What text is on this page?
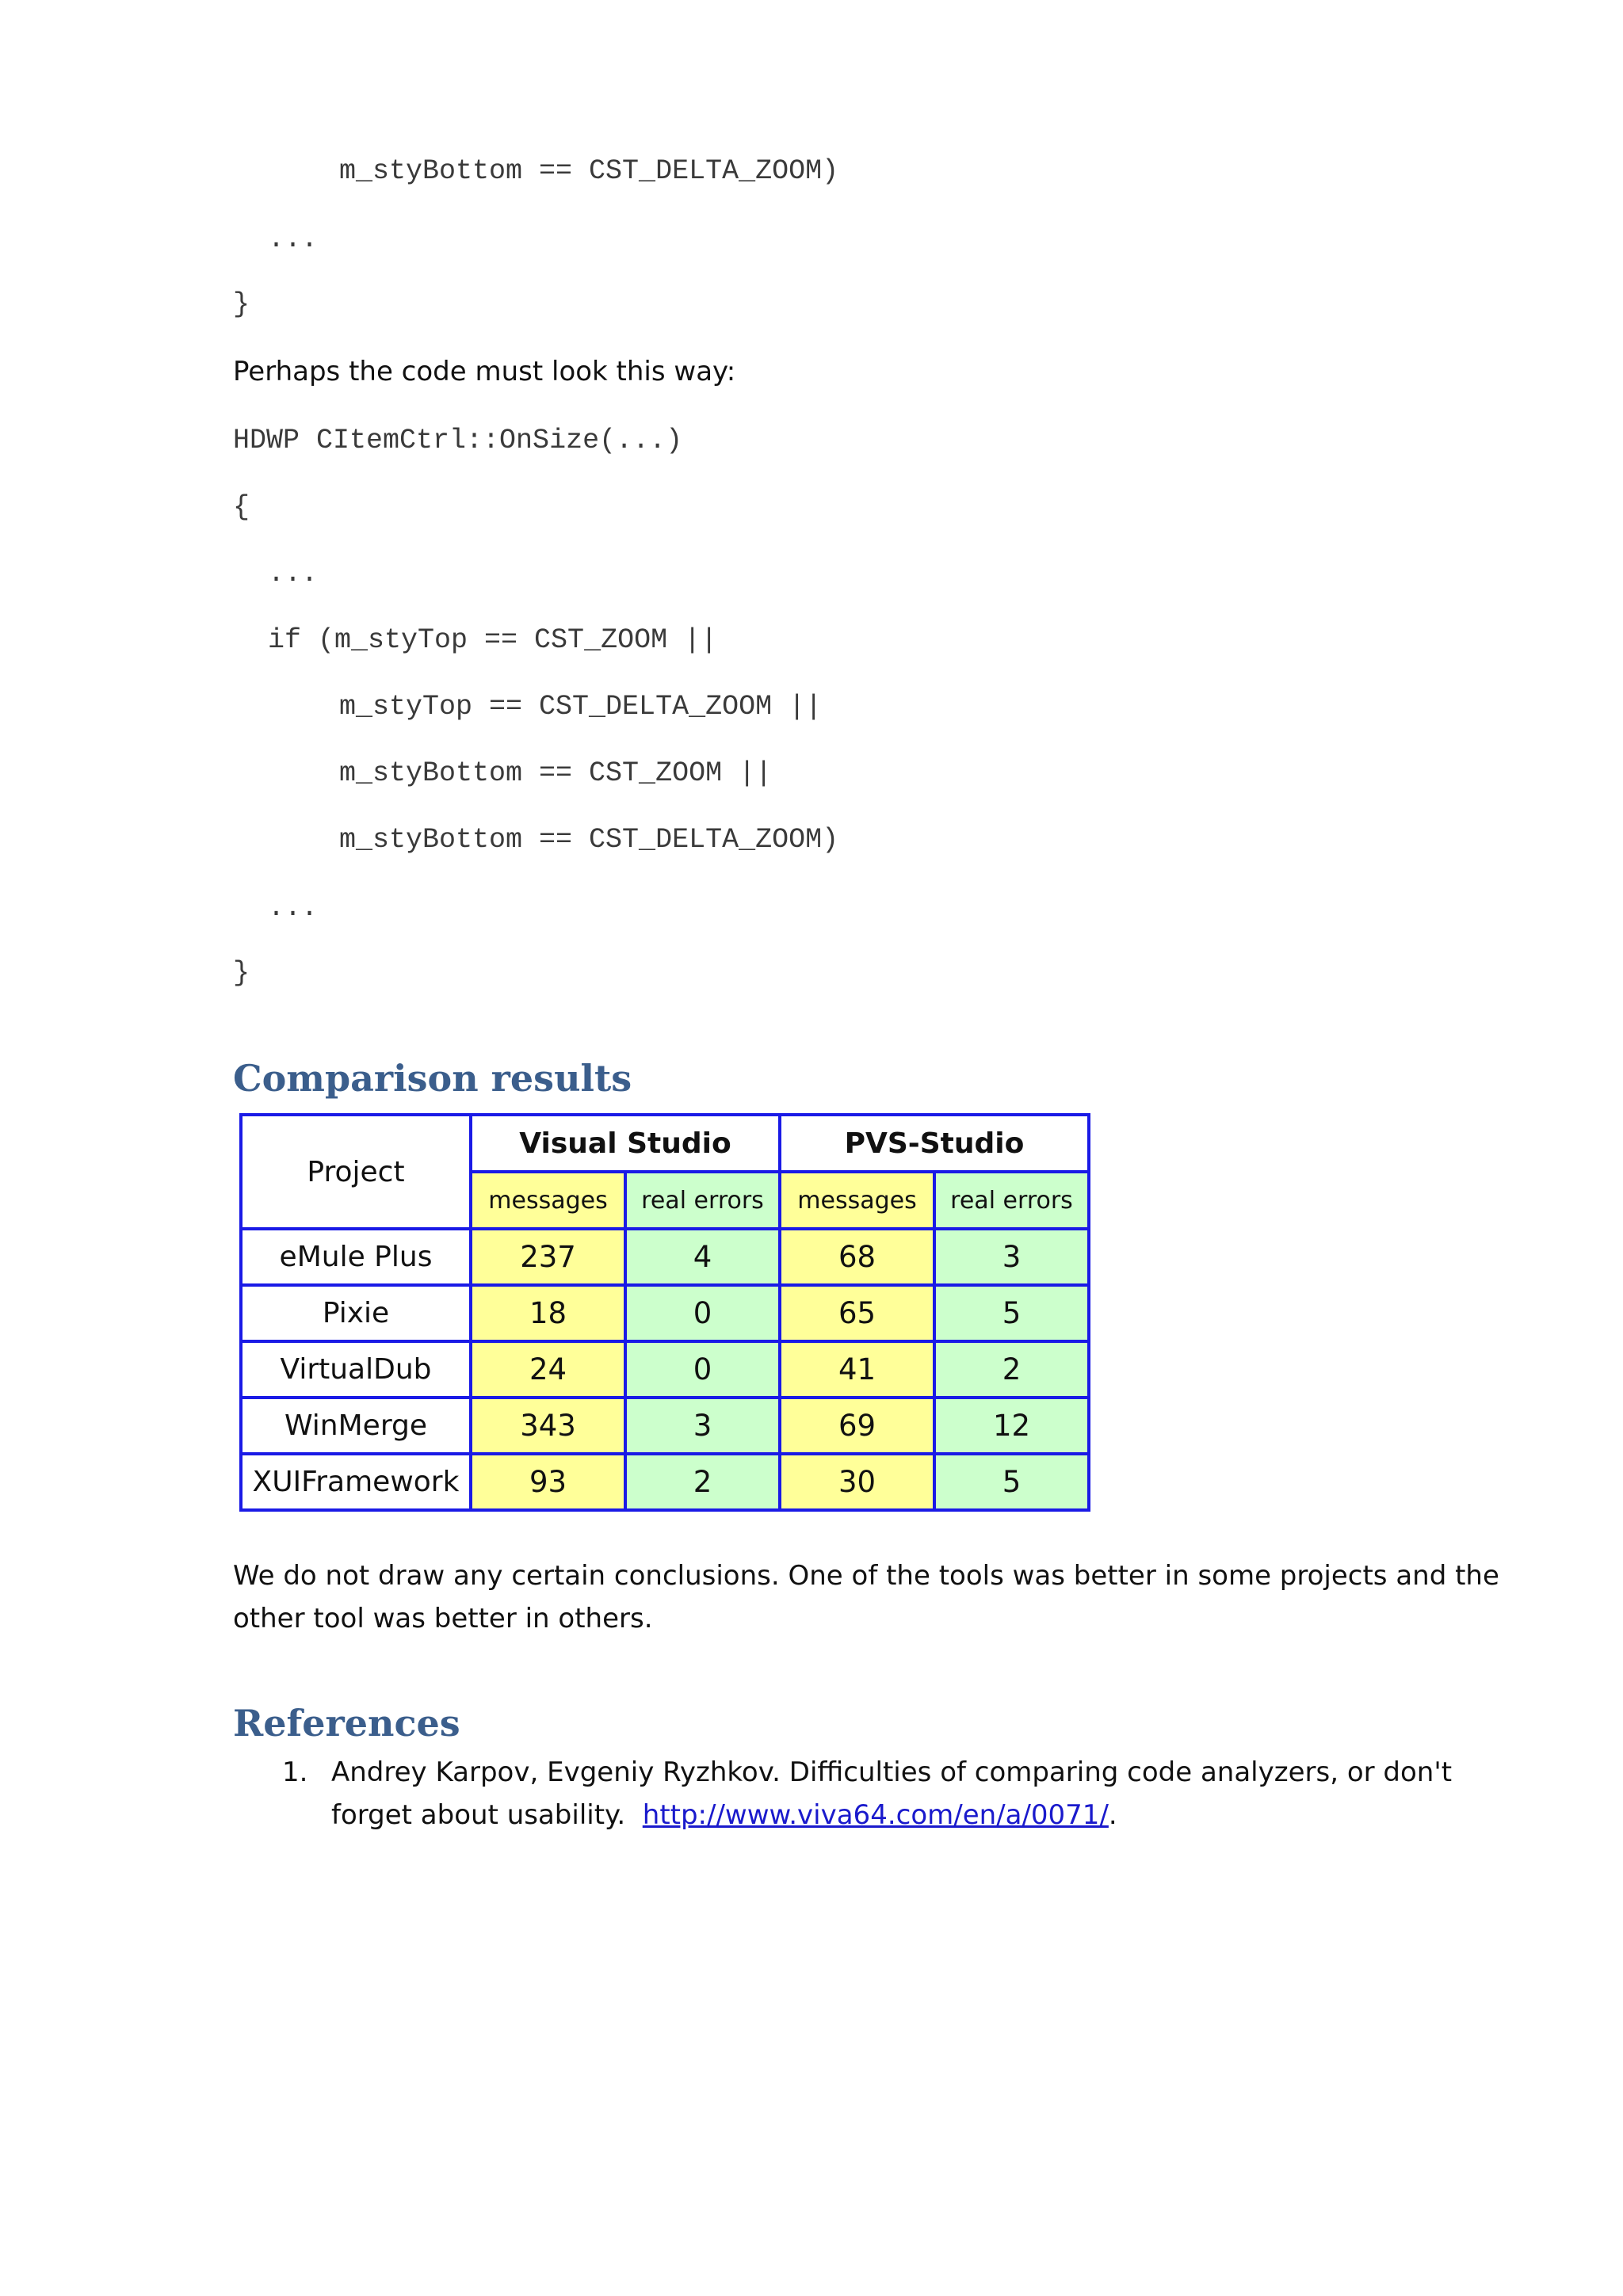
m_styBottom == CST_DELTA_ZOOM)
...
}
Perhaps the code must look this way:
HDWP CItemCtrl::OnSize(...)
{
...
if (m_styTop == CST_ZOOM ||
m_styTop == CST_DELTA_ZOOM ||
m_styBottom == CST_ZOOM ||
m_styBottom == CST_DELTA_ZOOM)
...
}
Comparison results
Project	Visual Studio		PVS-Studio	
	messages	real errors	messages	real errors
eMule Plus	237	4	68	3
Pixie	18	0	65	5
VirtualDub	24	0	41	2
WinMerge	343	3	69	12
XUIFramework	93	2	30	5
We do not draw any certain conclusions. One of the tools was better in some projects and the other tool was better in others.
References
1. Andrey Karpov, Evgeniy Ryzhkov. Difficulties of comparing code analyzers, or don't forget about usability. http://www.viva64.com/en/a/0071/.
